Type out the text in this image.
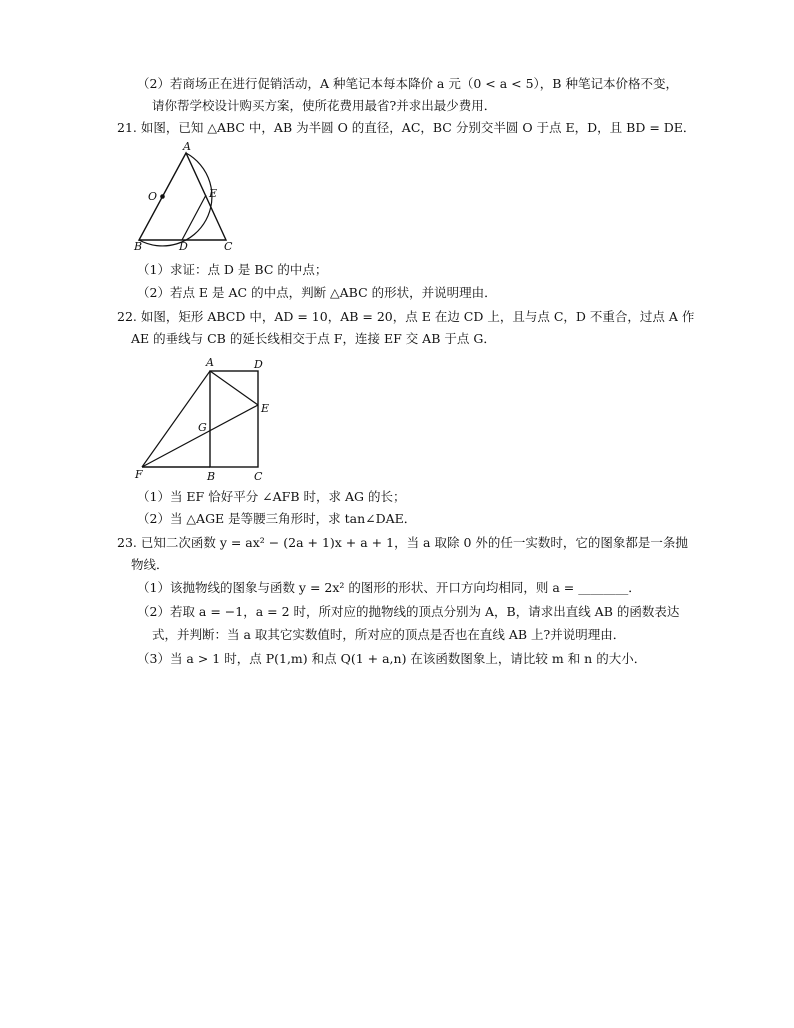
（2）若商场正在进行促销活动，A 种笔记本每本降价 a 元（0 < a < 5），B 种笔记本价格不变，
请你帮学校设计购买方案，使所花费用最省?并求出最少费用．
21. 如图，已知 △ABC 中，AB 为半圆 O 的直径，AC，BC 分别交半圆 O 于点 E，D，且 BD = DE．
A
O	E
B	D	C
（1）求证：点 D 是 BC 的中点；
（2）若点 E 是 AC 的中点，判断 △ABC 的形状，并说明理由．
22. 如图，矩形 ABCD 中，AD = 10，AB = 20，点 E 在边 CD 上，且与点 C，D 不重合，过点 A 作
AE 的垂线与 CB 的延长线相交于点 F，连接 EF 交 AB 于点 G．
A	D
E
G
F	B	C
（1）当 EF 恰好平分 ∠AFB 时，求 AG 的长；
（2）当 △AGE 是等腰三角形时，求 tan∠DAE．
23. 已知二次函数 y = ax² − (2a + 1)x + a + 1，当 a 取除 0 外的任一实数时，它的图象都是一条抛
物线．
（1）该抛物线的图象与函数 y = 2x² 的图形的形状、开口方向均相同，则 a = ________．
（2）若取 a = −1，a = 2 时，所对应的抛物线的顶点分别为 A，B，请求出直线 AB 的函数表达
式，并判断：当 a 取其它实数值时，所对应的顶点是否也在直线 AB 上?并说明理由．
（3）当 a > 1 时，点 P(1,m) 和点 Q(1 + a,n) 在该函数图象上，请比较 m 和 n 的大小．
